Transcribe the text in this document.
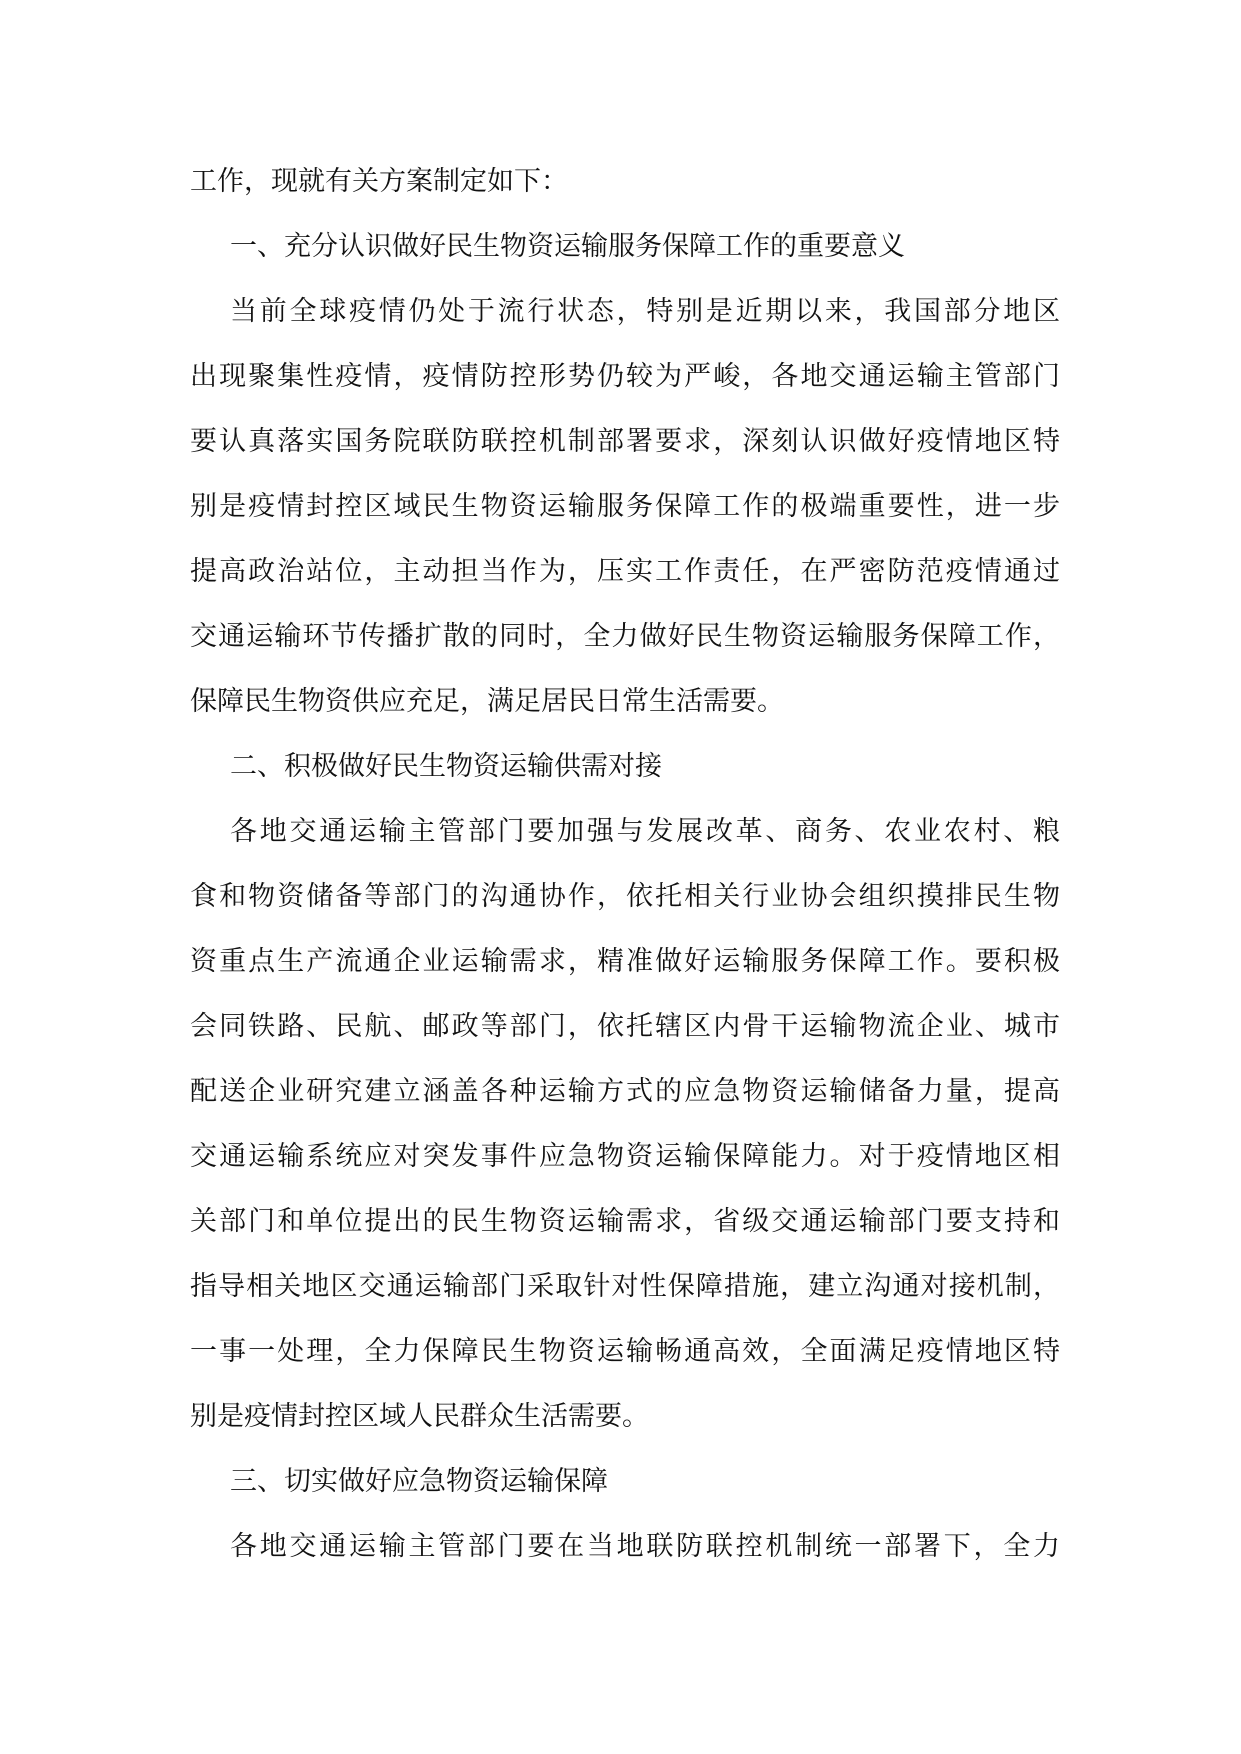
工作，现就有关方案制定如下：
一、充分认识做好民生物资运输服务保障工作的重要意义
当前全球疫情仍处于流行状态，特别是近期以来，我国部分地区
出现聚集性疫情，疫情防控形势仍较为严峻，各地交通运输主管部门
要认真落实国务院联防联控机制部署要求，深刻认识做好疫情地区特
别是疫情封控区域民生物资运输服务保障工作的极端重要性，进一步
提高政治站位，主动担当作为，压实工作责任，在严密防范疫情通过
交通运输环节传播扩散的同时，全力做好民生物资运输服务保障工作，
保障民生物资供应充足，满足居民日常生活需要。
二、积极做好民生物资运输供需对接
各地交通运输主管部门要加强与发展改革、商务、农业农村、粮
食和物资储备等部门的沟通协作，依托相关行业协会组织摸排民生物
资重点生产流通企业运输需求，精准做好运输服务保障工作。要积极
会同铁路、民航、邮政等部门，依托辖区内骨干运输物流企业、城市
配送企业研究建立涵盖各种运输方式的应急物资运输储备力量，提高
交通运输系统应对突发事件应急物资运输保障能力。对于疫情地区相
关部门和单位提出的民生物资运输需求，省级交通运输部门要支持和
指导相关地区交通运输部门采取针对性保障措施，建立沟通对接机制，
一事一处理，全力保障民生物资运输畅通高效，全面满足疫情地区特
别是疫情封控区域人民群众生活需要。
三、切实做好应急物资运输保障
各地交通运输主管部门要在当地联防联控机制统一部署下，全力
